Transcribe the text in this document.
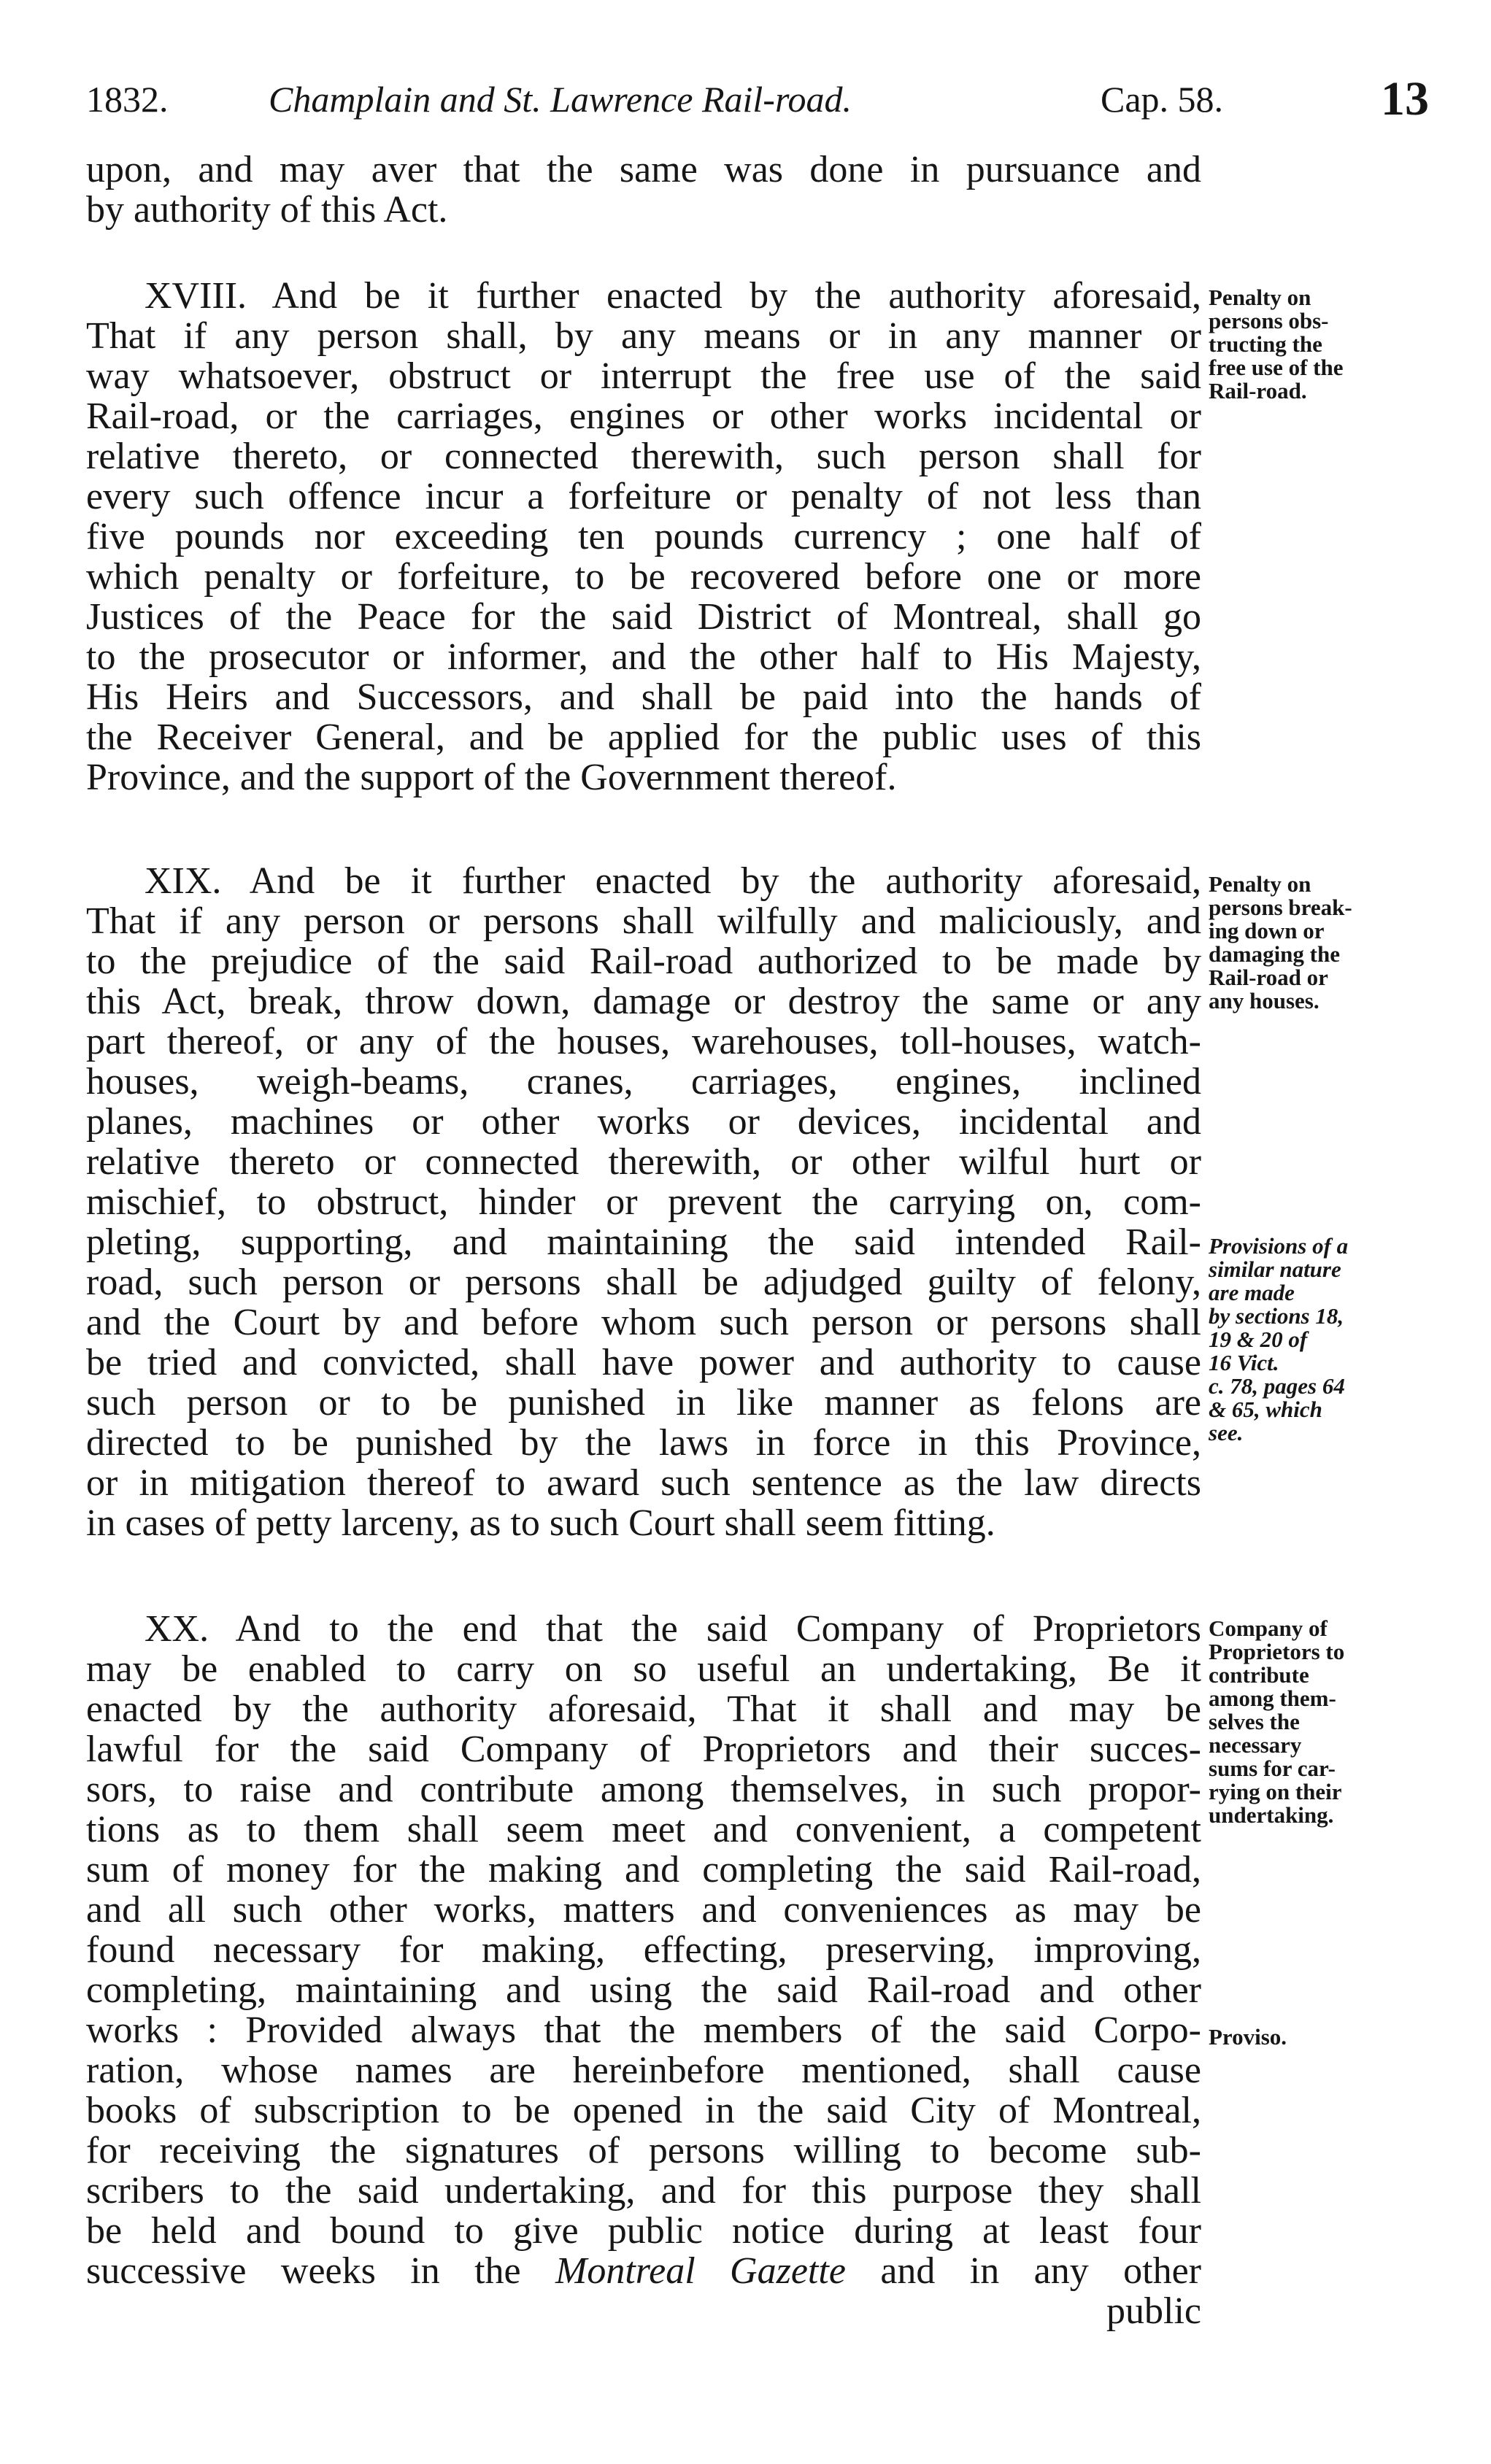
1832.	Champlain and St. Lawrence Rail-road.	Cap. 58.	13
upon, and may aver that the same was done in pursuance and
by authority of this Act.
XVIII. And be it further enacted by the authority aforesaid,
That if any person shall, by any means or in any manner or
way whatsoever, obstruct or interrupt the free use of the said
Rail-road, or the carriages, engines or other works incidental or
relative thereto, or connected therewith, such person shall for
every such offence incur a forfeiture or penalty of not less than
five pounds nor exceeding ten pounds currency ; one half of
which penalty or forfeiture, to be recovered before one or more
Justices of the Peace for the said District of Montreal, shall go
to the prosecutor or informer, and the other half to His Majesty,
His Heirs and Successors, and shall be paid into the hands of
the Receiver General, and be applied for the public uses of this
Province, and the support of the Government thereof.
Penalty on
persons obs-
tructing the
free use of the
Rail-road.
XIX. And be it further enacted by the authority aforesaid,
That if any person or persons shall wilfully and maliciously, and
to the prejudice of the said Rail-road authorized to be made by
this Act, break, throw down, damage or destroy the same or any
part thereof, or any of the houses, warehouses, toll-houses, watch-
houses, weigh-beams, cranes, carriages, engines, inclined
planes, machines or other works or devices, incidental and
relative thereto or connected therewith, or other wilful hurt or
mischief, to obstruct, hinder or prevent the carrying on, com-
pleting, supporting, and maintaining the said intended Rail-
road, such person or persons shall be adjudged guilty of felony,
and the Court by and before whom such person or persons shall
be tried and convicted, shall have power and authority to cause
such person or to be punished in like manner as felons are
directed to be punished by the laws in force in this Province,
or in mitigation thereof to award such sentence as the law directs
in cases of petty larceny, as to such Court shall seem fitting.
Penalty on
persons break-
ing down or
damaging the
Rail-road or
any houses.
Provisions of a
similar nature
are made
by sections 18,
19 & 20 of
16 Vict.
c. 78, pages 64
& 65, which
see.
XX. And to the end that the said Company of Proprietors
may be enabled to carry on so useful an undertaking, Be it
enacted by the authority aforesaid, That it shall and may be
lawful for the said Company of Proprietors and their succes-
sors, to raise and contribute among themselves, in such propor-
tions as to them shall seem meet and convenient, a competent
sum of money for the making and completing the said Rail-road,
and all such other works, matters and conveniences as may be
found necessary for making, effecting, preserving, improving,
completing, maintaining and using the said Rail-road and other
works : Provided always that the members of the said Corpo-
ration, whose names are hereinbefore mentioned, shall cause
books of subscription to be opened in the said City of Montreal,
for receiving the signatures of persons willing to become sub-
scribers to the said undertaking, and for this purpose they shall
be held and bound to give public notice during at least four
successive weeks in the Montreal Gazette and in any other
public
Company of
Proprietors to
contribute
among them-
selves the
necessary
sums for car-
rying on their
undertaking.
Proviso.
